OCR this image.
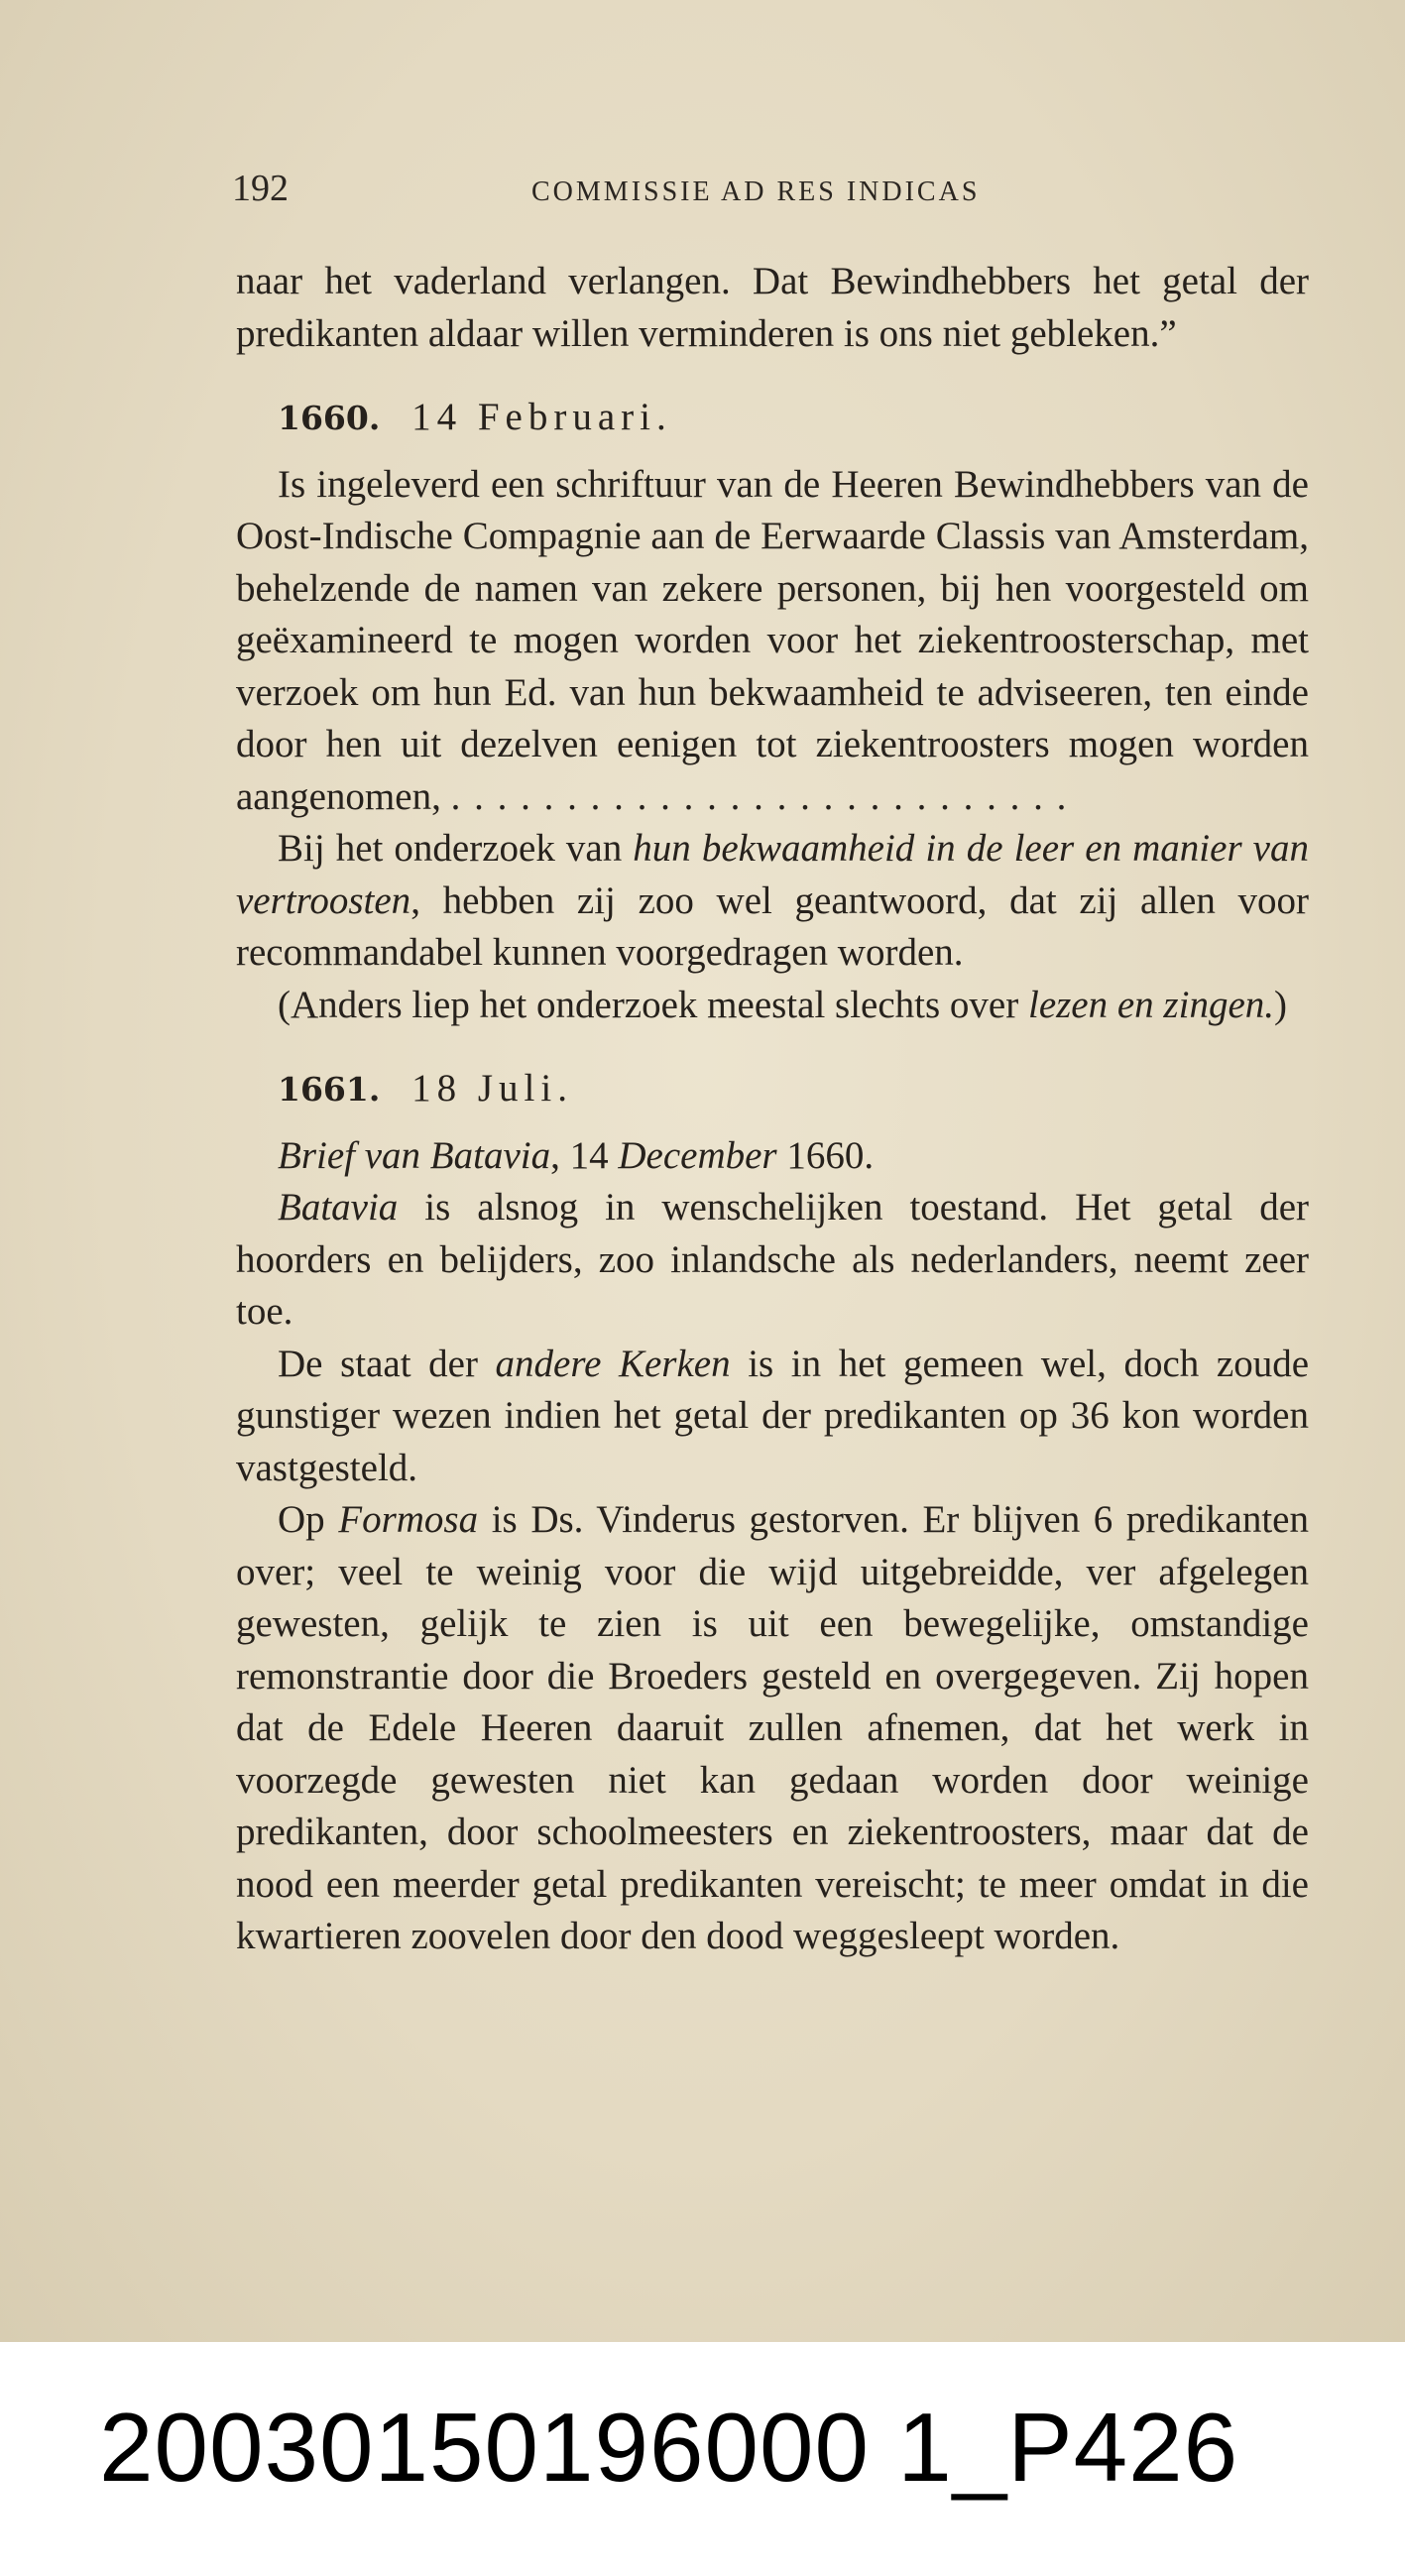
192	COMMISSIE AD RES INDICAS

naar het vaderland verlangen. Dat Bewindhebbers het getal der predikanten aldaar willen verminderen is ons niet gebleken.”

1660. 14 Februari.

Is ingeleverd een schriftuur van de Heeren Bewindhebbers van de Oost-Indische Compagnie aan de Eerwaarde Classis van Amsterdam, behelzende de namen van zekere personen, bij hen voorgesteld om geëxamineerd te mogen worden voor het ziekentroosterschap, met verzoek om hun Ed. van hun bekwaamheid te adviseeren, ten einde door hen uit dezelven eenigen tot ziekentroosters mogen worden aangenomen, . . . . . . . . . . . . . . . . . . . . . . . . . . .

Bij het onderzoek van hun bekwaamheid in de leer en manier van vertroosten, hebben zij zoo wel geantwoord, dat zij allen voor recommandabel kunnen voorgedragen worden.

(Anders liep het onderzoek meestal slechts over lezen en zingen.)

1661. 18 Juli.

Brief van Batavia, 14 December 1660.

Batavia is alsnog in wenschelijken toestand. Het getal der hoorders en belijders, zoo inlandsche als nederlanders, neemt zeer toe.

De staat der andere Kerken is in het gemeen wel, doch zoude gunstiger wezen indien het getal der predikanten op 36 kon worden vastgesteld.

Op Formosa is Ds. Vinderus gestorven. Er blijven 6 predikanten over; veel te weinig voor die wijd uitgebreidde, ver afgelegen gewesten, gelijk te zien is uit een bewegelijke, omstandige remonstrantie door die Broeders gesteld en overgegeven. Zij hopen dat de Edele Heeren daaruit zullen afnemen, dat het werk in voorzegde gewesten niet kan gedaan worden door weinige predikanten, door schoolmeesters en ziekentroosters, maar dat de nood een meerder getal predikanten vereischt; te meer omdat in die kwartieren zoovelen door den dood weggesleept worden.

20030150196000 1_P426
